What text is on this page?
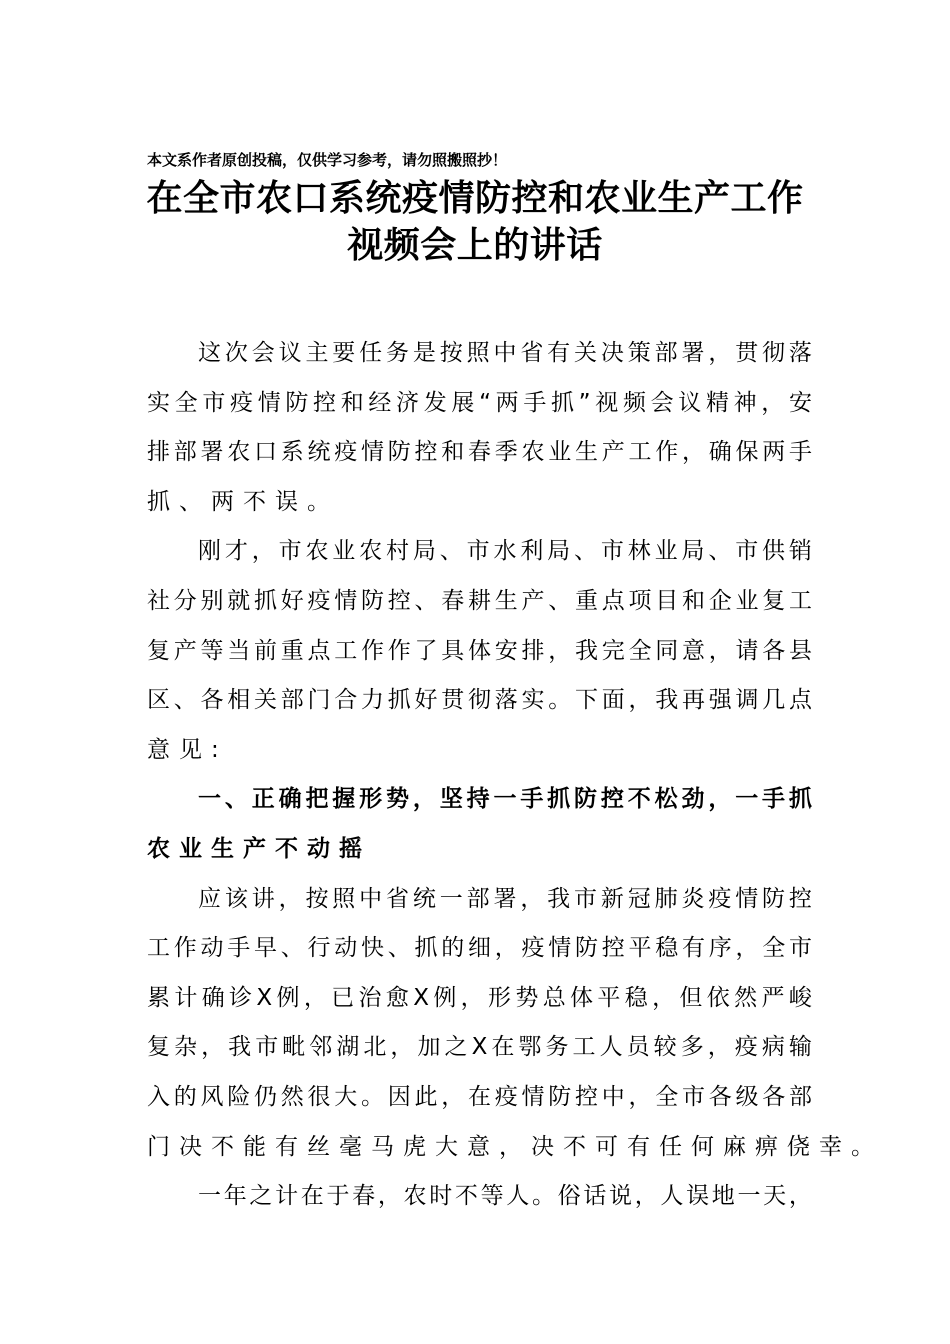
本文系作者原创投稿，仅供学习参考，请勿照搬照抄！
在全市农口系统疫情防控和农业生产工作
视频会上的讲话
这 次 会 议 主 要 任 务 是 按 照 中 省 有 关 决 策 部 署 ， 贯 彻 落
实 全 市 疫 情 防 控 和 经 济 发 展 “ 两 手 抓 ” 视 频 会 议 精 神 ， 安
排 部 署 农 口 系 统 疫 情 防 控 和 春 季 农 业 生 产 工 作 ， 确 保 两 手
抓、两不误。
刚 才 ， 市 农 业 农 村 局 、 市 水 利 局 、 市 林 业 局 、 市 供 销
社 分 别 就 抓 好 疫 情 防 控 、 春 耕 生 产 、 重 点 项 目 和 企 业 复 工
复 产 等 当 前 重 点 工 作 作 了 具 体 安 排 ， 我 完 全 同 意 ， 请 各 县
区 、 各 相 关 部 门 合 力 抓 好 贯 彻 落 实 。 下 面 ， 我 再 强 调 几 点
意见:
一 、 正 确 把 握 形 势 ， 坚 持 一 手 抓 防 控 不 松 劲 ， 一 手 抓
农业生产不动摇
应 该 讲 ， 按 照 中 省 统 一 部 署 ， 我 市 新 冠 肺 炎 疫 情 防 控
工 作 动 手 早 、 行 动 快 、 抓 的 细 ， 疫 情 防 控 平 稳 有 序 ， 全 市
累 计 确 诊 X 例 ， 已 治 愈 X 例 ， 形 势 总 体 平 稳 ， 但 依 然 严 峻
复 杂 ， 我 市 毗 邻 湖 北 ， 加 之 X 在 鄂 务 工 人 员 较 多 ， 疫 病 输
入 的 风 险 仍 然 很 大 。 因 此 ， 在 疫 情 防 控 中 ， 全 市 各 级 各 部
门决不能有丝毫马虎大意，决不可有任何麻痹侥幸。
一 年 之 计 在 于 春 ， 农 时 不 等 人 。 俗 话 说 ， 人 误 地 一 天 ，
